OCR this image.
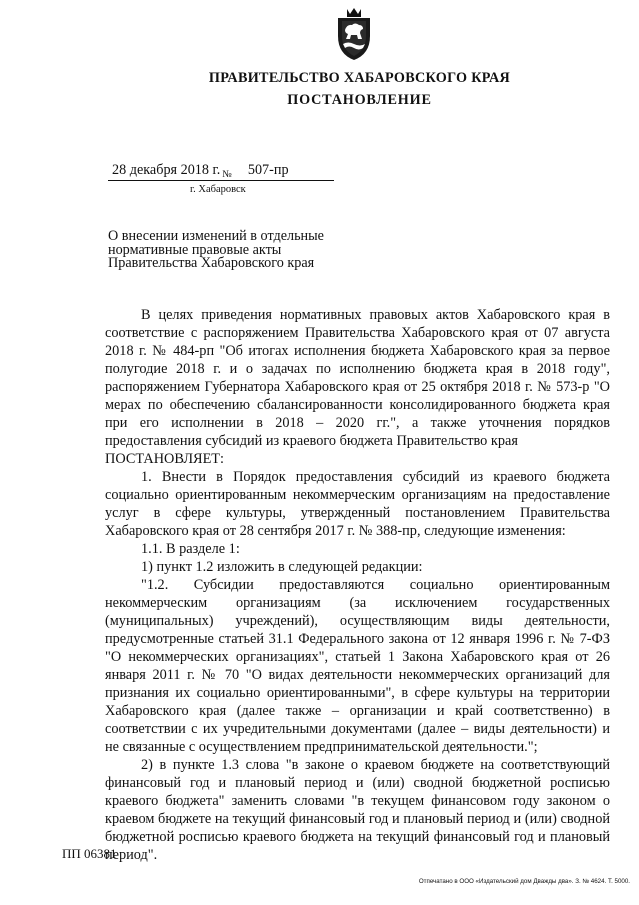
ПРАВИТЕЛЬСТВО ХАБАРОВСКОГО КРАЯ
ПОСТАНОВЛЕНИЕ
28 декабря 2018 г. $_№$ 507-пр
г. Хабаровск
О внесении изменений в отдельные нормативные правовые акты Правительства Хабаровского края

В целях приведения нормативных правовых актов Хабаровского края в соответствие с распоряжением Правительства Хабаровского края от 07 августа 2018 г. № 484-рп "Об итогах исполнения бюджета Хабаровского края за первое полугодие 2018 г. и о задачах по исполнению бюджета края в 2018 году", распоряжением Губернатора Хабаровского края от 25 октября 2018 г. № 573-р "О мерах по обеспечению сбалансированности консолидированного бюджета края при его исполнении в 2018 – 2020 гг.", а также уточнения порядков предоставления субсидий из краевого бюджета Правительство края

ПОСТАНОВЛЯЕТ:

1. Внести в Порядок предоставления субсидий из краевого бюджета социально ориентированным некоммерческим организациям на предоставление услуг в сфере культуры, утвержденный постановлением Правительства Хабаровского края от 28 сентября 2017 г. № 388-пр, следующие изменения:

1.1. В разделе 1:

1) пункт 1.2 изложить в следующей редакции:

"1.2. Субсидии предоставляются социально ориентированным некоммерческим организациям (за исключением государственных (муниципальных) учреждений), осуществляющим виды деятельности, предусмотренные статьей 31.1 Федерального закона от 12 января 1996 г. № 7-ФЗ "О некоммерческих организациях", статьей 1 Закона Хабаровского края от 26 января 2011 г. № 70 "О видах деятельности некоммерческих организаций для признания их социально ориентированными", в сфере культуры на территории Хабаровского края (далее также – организации и край соответственно) в соответствии с их учредительными документами (далее – виды деятельности) и не связанные с осуществлением предпринимательской деятельности.";

2) в пункте 1.3 слова "в законе о краевом бюджете на соответствующий финансовый год и плановый период и (или) сводной бюджетной росписью краевого бюджета" заменить словами "в текущем финансовом году законом о краевом бюджете на текущий финансовый год и плановый период и (или) сводной бюджетной росписью краевого бюджета на текущий финансовый год и плановый период".

ПП 06381
Отпечатано в ООО «Издательский дом Дважды два». З. № 4624. Т. 5000.
